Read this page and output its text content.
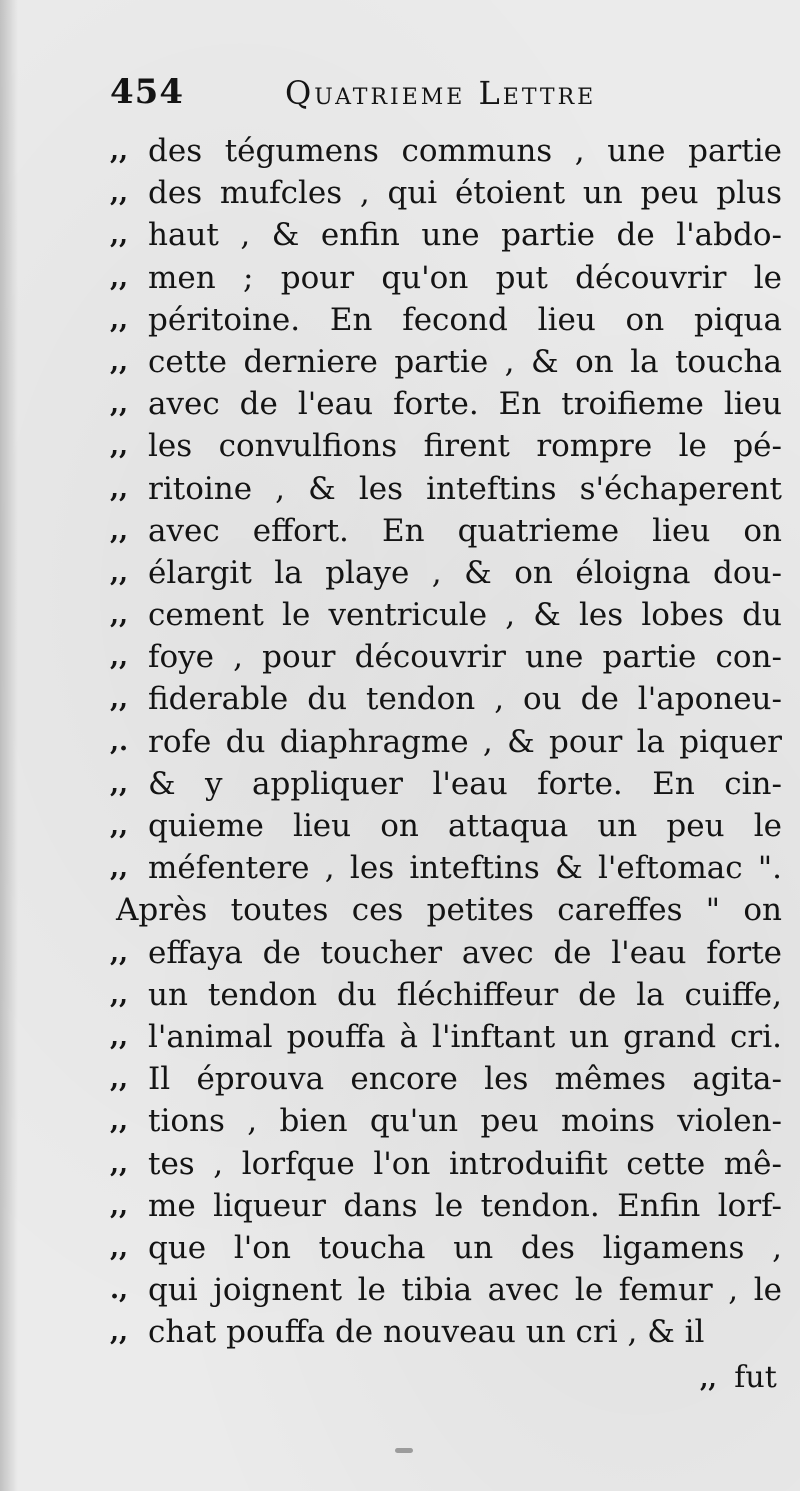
454	Quatrieme Lettre
,, des tégumens communs , une partie
,, des mufcles , qui étoient un peu plus
,, haut , & enfin une partie de l'abdo-
,, men ; pour qu'on put découvrir le
,, péritoine. En fecond lieu on piqua
,, cette derniere partie , & on la toucha
,, avec de l'eau forte. En troifieme lieu
,, les convulfions firent rompre le pé-
,, ritoine , & les inteftins s'échaperent
,, avec effort. En quatrieme lieu on
,, élargit la playe , & on éloigna dou-
,, cement le ventricule , & les lobes du
,, foye , pour découvrir une partie con-
,, fiderable du tendon , ou de l'aponeu-
,. rofe du diaphragme , & pour la piquer
,, & y appliquer l'eau forte. En cin-
,, quieme lieu on attaqua un peu le
,, méfentere , les inteftins & l'eftomac ".
Après toutes ces petites careffes " on
,, effaya de toucher avec de l'eau forte
,, un tendon du fléchiffeur de la cuiffe,
,, l'animal pouffa à l'inftant un grand cri.
,, Il éprouva encore les mêmes agita-
,, tions , bien qu'un peu moins violen-
,, tes , lorfque l'on introduifit cette mê-
,, me liqueur dans le tendon. Enfin lorf-
,, que l'on toucha un des ligamens ,
., qui joignent le tibia avec le femur , le
,, chat pouffa de nouveau un cri , & il
,, fut
